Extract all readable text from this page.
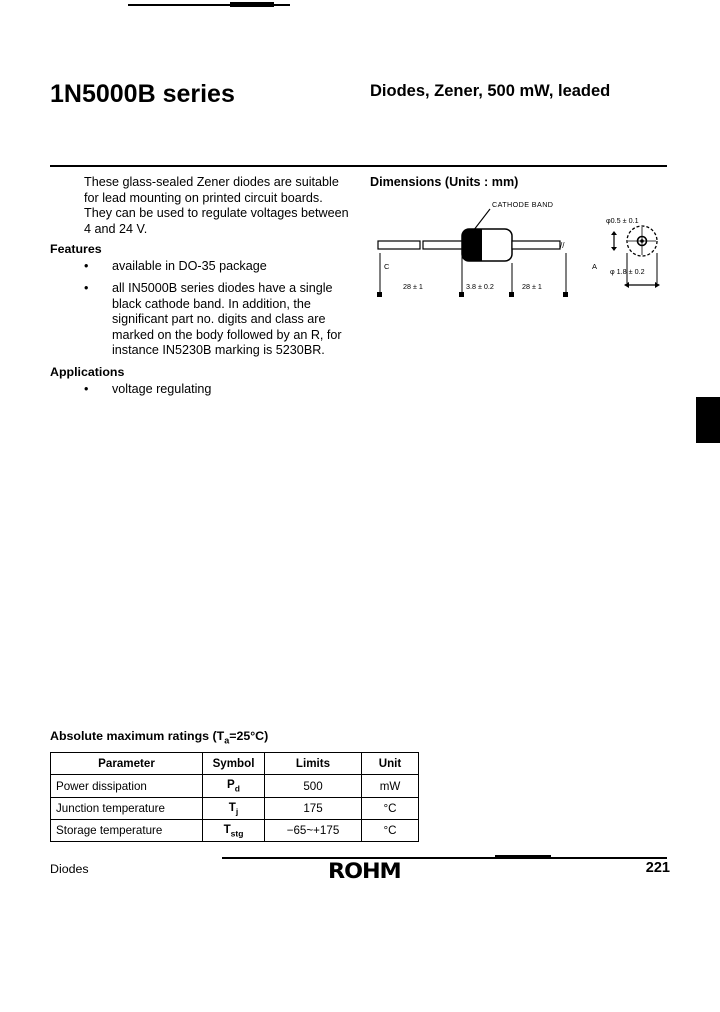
1N5000B series	Diodes, Zener, 500 mW, leaded

These glass-sealed Zener diodes are suitable for lead mounting on printed circuit boards. They can be used to regulate voltages between 4 and 24 V.

Features
• available in DO-35 package
• all IN5000B series diodes have a single black cathode band. In addition, the significant part no. digits and class are marked on the body followed by an R, for instance IN5230B marking is 5230BR.
Applications
• voltage regulating
Dimensions (Units : mm)
CATHODE BAND
//
C	A
28 ± 1	3.8 ± 0.2	28 ± 1
φ0.5 ± 0.1
φ 1.8 ± 0.2
Absolute maximum ratings $(T_a=25^\circ C)$
Parameter	Symbol	Limits	Unit
Power dissipation	$P_d$	500	mW
Junction temperature	$T_j$	175	°C
Storage temperature	$T_{stg}$	−65~+175	°C
Diodes	ROHM	221
